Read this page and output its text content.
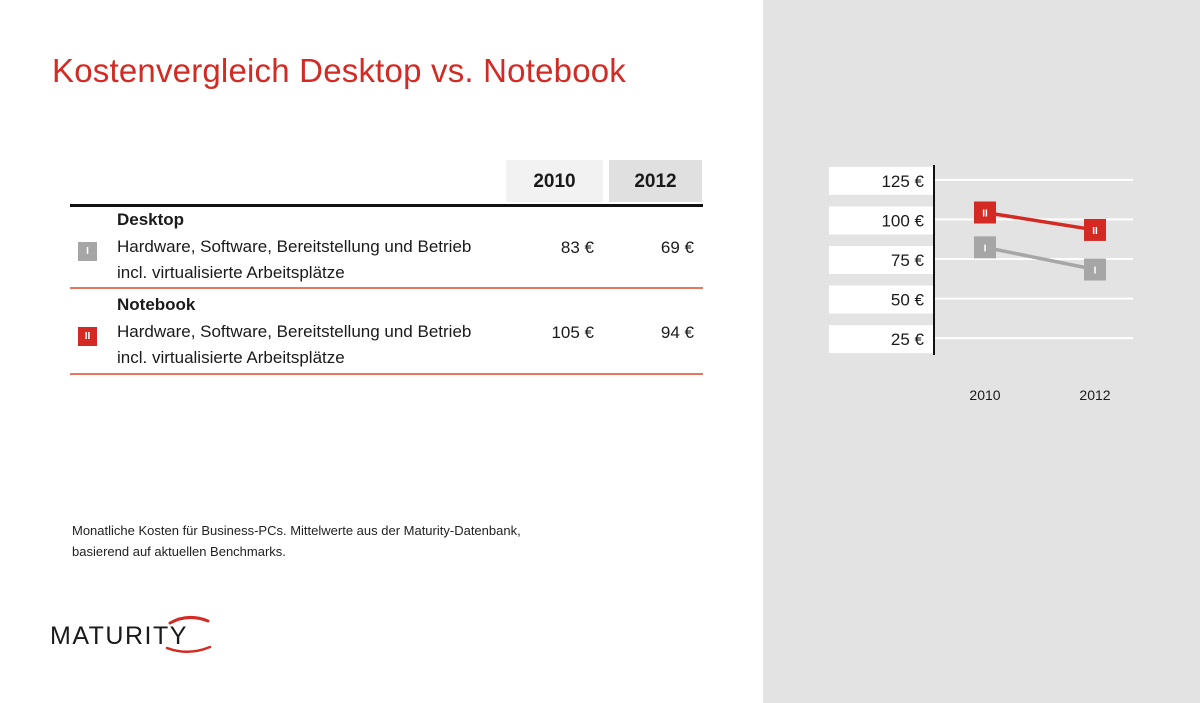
Kostenvergleich Desktop vs. Notebook
2010	2012
I
Desktop
Hardware, Software, Bereitstellung und Betrieb incl. virtualisierte Arbeitsplätze
83 €	69 €
II
Notebook
Hardware, Software, Bereitstellung und Betrieb incl. virtualisierte Arbeitsplätze
105 €	94 €
Monatliche Kosten für Business-PCs. Mittelwerte aus der Maturity-Datenbank, basierend auf aktuellen Benchmarks.
MATURITY
125 €
100 €
75 €
50 €
25 €
2010	2012
II
II
I
I
